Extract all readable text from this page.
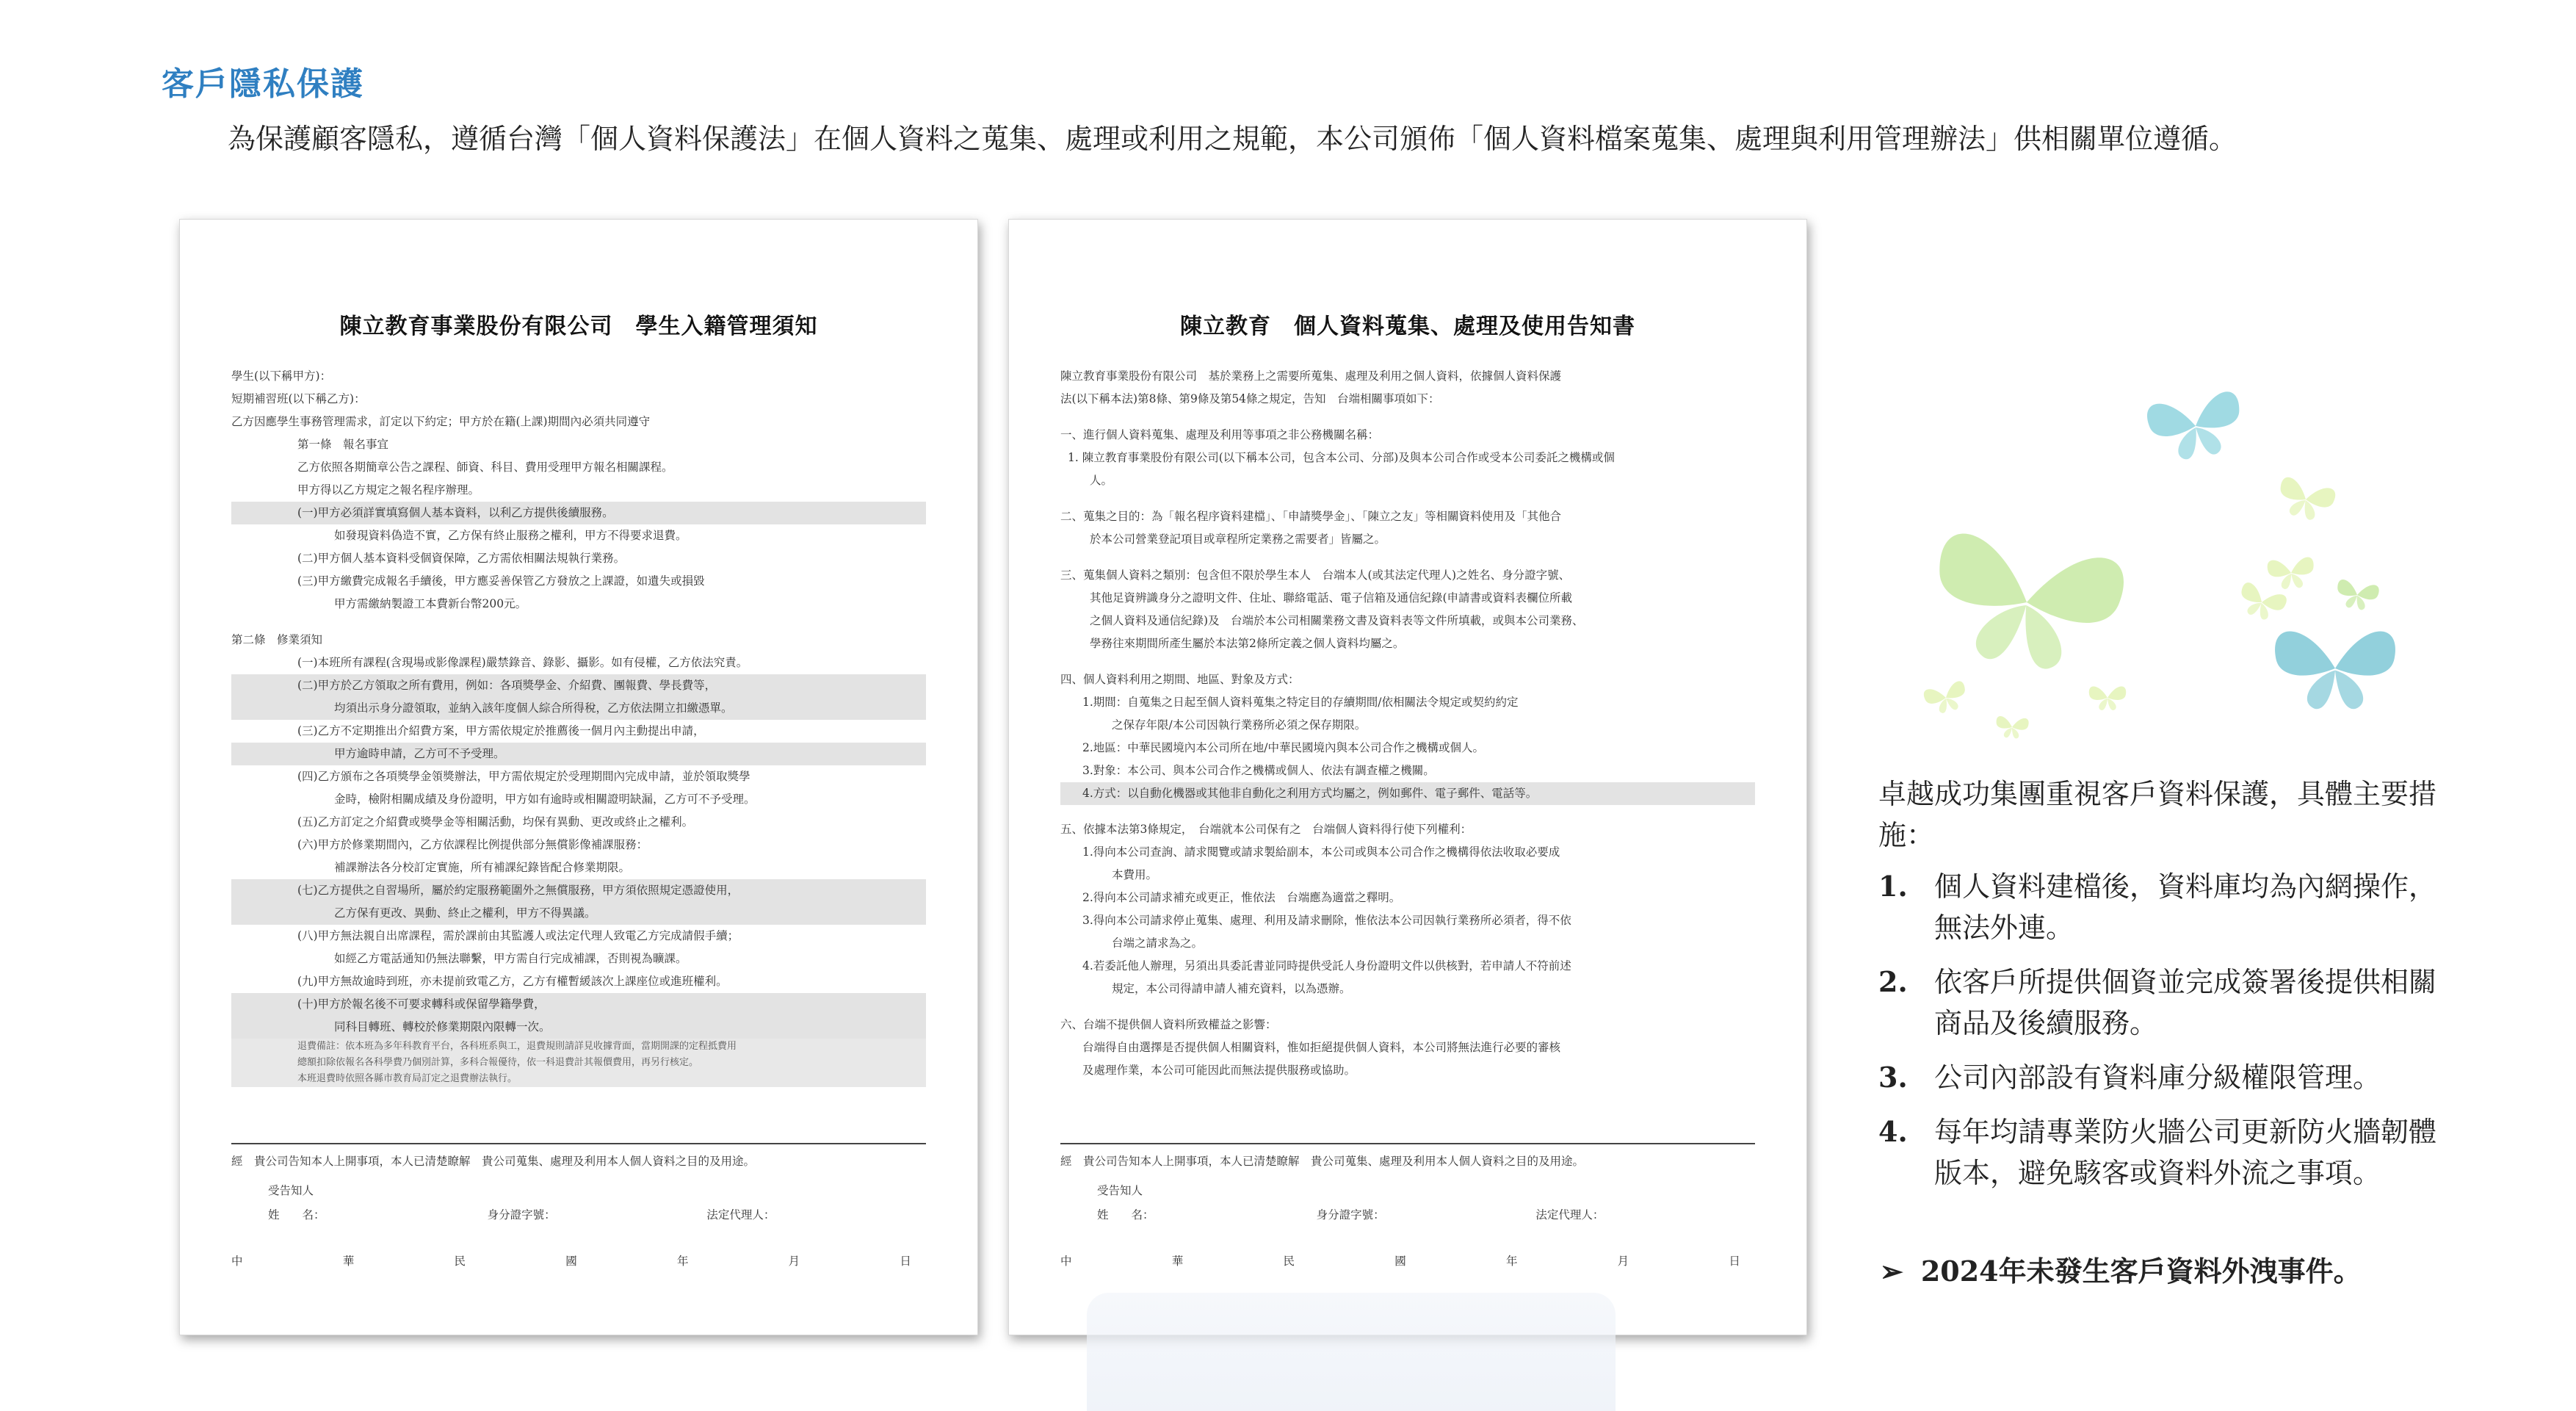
客戶隱私保護
為保護顧客隱私，遵循台灣「個人資料保護法」在個人資料之蒐集、處理或利用之規範，本公司頒佈「個人資料檔案蒐集、處理與利用管理辦法」供相關單位遵循。
陳立教育事業股份有限公司　學生入籍管理須知
學生(以下稱甲方)：
短期補習班(以下稱乙方)：
乙方因應學生事務管理需求，訂定以下約定；甲方於在籍(上課)期間內必須共同遵守
第一條　報名事宜
乙方依照各期簡章公告之課程、師資、科目、費用受理甲方報名相關課程。
甲方得以乙方規定之報名程序辦理。
(一)甲方必須詳實填寫個人基本資料，以利乙方提供後續服務。
如發現資料偽造不實，乙方保有終止服務之權利，甲方不得要求退費。
(二)甲方個人基本資料受個資保障，乙方需依相關法規執行業務。
(三)甲方繳費完成報名手續後，甲方應妥善保管乙方發放之上課證，如遺失或損毀
甲方需繳納製證工本費新台幣200元。
第二條　修業須知
(一)本班所有課程(含現場或影像課程)嚴禁錄音、錄影、攝影。如有侵權，乙方依法究責。
(二)甲方於乙方領取之所有費用，例如：各項獎學金、介紹費、團報費、學長費等，
均須出示身分證領取，並納入該年度個人綜合所得稅，乙方依法開立扣繳憑單。
(三)乙方不定期推出介紹費方案，甲方需依規定於推薦後一個月內主動提出申請，
甲方逾時申請，乙方可不予受理。
(四)乙方頒布之各項獎學金領獎辦法，甲方需依規定於受理期間內完成申請，並於領取獎學
金時，檢附相關成績及身份證明，甲方如有逾時或相關證明缺漏，乙方可不予受理。
(五)乙方訂定之介紹費或獎學金等相關活動，均保有異動、更改或終止之權利。
(六)甲方於修業期間內，乙方依課程比例提供部分無償影像補課服務：
補課辦法各分校訂定實施，所有補課紀錄皆配合修業期限。
(七)乙方提供之自習場所，屬於約定服務範圍外之無償服務，甲方須依照規定憑證使用，
乙方保有更改、異動、終止之權利，甲方不得異議。
(八)甲方無法親自出席課程，需於課前由其監護人或法定代理人致電乙方完成請假手續；
如經乙方電話通知仍無法聯繫，甲方需自行完成補課，否則視為曠課。
(九)甲方無故逾時到班，亦未提前致電乙方，乙方有權暫緩該次上課座位或進班權利。
(十)甲方於報名後不可要求轉科或保留學籍學費，
同科目轉班、轉校於修業期限內限轉一次。
退費備註：依本班為多年科教育平台，各科班系與工，退費規則請詳見收據背面，當期開課的定程抵費用
總額扣除依報名各科學費乃個別計算，多科合報優待，依一科退費計其報價費用，再另行核定。
本班退費時依照各縣市教育局訂定之退費辦法執行。
經　貴公司告知本人上開事項，本人已清楚瞭解　貴公司蒐集、處理及利用本人個人資料之目的及用途。
受告知人
姓　　名：	身分證字號：	法定代理人：
中	華	民	國	年	月	日
陳立教育　個人資料蒐集、處理及使用告知書
陳立教育事業股份有限公司　基於業務上之需要所蒐集、處理及利用之個人資料，依據個人資料保護
法(以下稱本法)第8條、第9條及第54條之規定，告知　台端相關事項如下：
一、進行個人資料蒐集、處理及利用等事項之非公務機關名稱：
1. 陳立教育事業股份有限公司(以下稱本公司，包含本公司、分部)及與本公司合作或受本公司委託之機構或個
人。
二、蒐集之目的：為「報名程序資料建檔」、「申請獎學金」、「陳立之友」等相關資料使用及「其他合
於本公司營業登記項目或章程所定業務之需要者」皆屬之。
三、蒐集個人資料之類別：包含但不限於學生本人　台端本人(或其法定代理人)之姓名、身分證字號、
其他足資辨識身分之證明文件、住址、聯絡電話、電子信箱及通信紀錄(申請書或資料表欄位所載
之個人資料及通信紀錄)及　台端於本公司相關業務文書及資料表等文件所填載，或與本公司業務、
學務往來期間所產生屬於本法第2條所定義之個人資料均屬之。
四、個人資料利用之期間、地區、對象及方式：
1.期間：自蒐集之日起至個人資料蒐集之特定目的存續期間/依相關法令規定或契約約定
之保存年限/本公司因執行業務所必須之保存期限。
2.地區：中華民國境內本公司所在地/中華民國境內與本公司合作之機構或個人。
3.對象：本公司、與本公司合作之機構或個人、依法有調查權之機關。
4.方式：以自動化機器或其他非自動化之利用方式均屬之，例如郵件、電子郵件、電話等。
五、依據本法第3條規定，　台端就本公司保有之　台端個人資料得行使下列權利：
1.得向本公司查詢、請求閱覽或請求製給副本，本公司或與本公司合作之機構得依法收取必要成
本費用。
2.得向本公司請求補充或更正，惟依法　台端應為適當之釋明。
3.得向本公司請求停止蒐集、處理、利用及請求刪除，惟依法本公司因執行業務所必須者，得不依
台端之請求為之。
4.若委託他人辦理，另須出具委託書並同時提供受託人身份證明文件以供核對，若申請人不符前述
規定，本公司得請申請人補充資料，以為憑辦。
六、台端不提供個人資料所致權益之影響：
台端得自由選擇是否提供個人相關資料，惟如拒絕提供個人資料，本公司將無法進行必要的審核
及處理作業，本公司可能因此而無法提供服務或協助。
經　貴公司告知本人上開事項，本人已清楚瞭解　貴公司蒐集、處理及利用本人個人資料之目的及用途。
受告知人
姓　　名：	身分證字號：	法定代理人：
中	華	民	國	年	月	日
卓越成功集團重視客戶資料保護，具體主要措施：
1. 個人資料建檔後，資料庫均為內網操作，無法外連。
2. 依客戶所提供個資並完成簽署後提供相關商品及後續服務。
3. 公司內部設有資料庫分級權限管理。
4. 每年均請專業防火牆公司更新防火牆韌體版本，避免駭客或資料外流之事項。
➢ 2024年未發生客戶資料外洩事件。
